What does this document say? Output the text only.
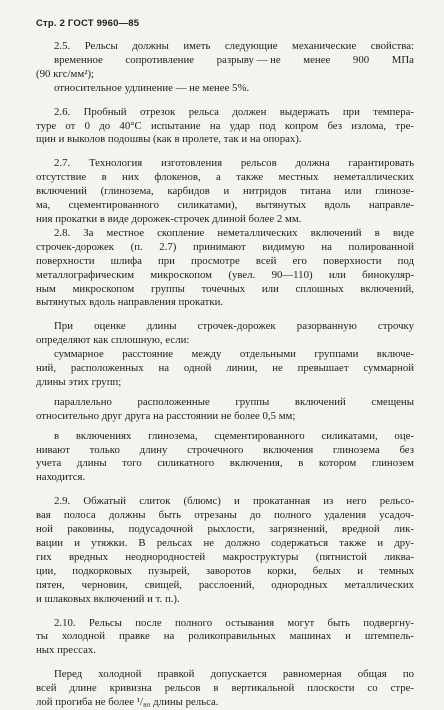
Стр. 2 ГОСТ 9960—85
2.5. Рельсы должны иметь следующие механические свойства:
временное сопротивление разрыву — не менее 900 МПа
(90 кгс/мм²);
относительное удлинение — не менее 5%.
2.6. Пробный отрезок рельса должен выдержать при темпера-
туре от 0 до 40°С испытание на удар под копром без излома, тре-
щин и выколов подошвы (как в пролете, так и на опорах).
2.7. Технология изготовления рельсов должна гарантировать
отсутствие в них флокенов, а также местных неметаллических
включений (глинозема, карбидов и нитридов титана или глинозе-
ма, сцементированного силикатами), вытянутых вдоль направле-
ния прокатки в виде дорожек-строчек длиной более 2 мм.
2.8. За местное скопление неметаллических включений в виде
строчек-дорожек (п. 2.7) принимают видимую на полированной
поверхности шлифа при просмотре всей его поверхности под
металлографическим микроскопом (увел. 90—110) или бинокуляр-
ным микроскопом группы точечных или сплошных включений,
вытянутых вдоль направления прокатки.
При оценке длины строчек-дорожек разорванную строчку
определяют как сплошную, если:
суммарное расстояние между отдельными группами включе-
ний, расположенных на одной линии, не превышает суммарной
длины этих групп;
параллельно расположенные группы включений смещены
относительно друг друга на расстоянии не более 0,5 мм;
в включениях глинозема, сцементированного силикатами, оце-
нивают только длину строчечного включения глинозема без
учета длины того силикатного включения, в котором глинозем
находится.
2.9. Обжатый слиток (блюмс) и прокатанная из него рельсо-
вая полоса должны быть отрезаны до полного удаления усадоч-
ной раковины, подусадочной рыхлости, загрязнений, вредной лик-
вации и утяжки. В рельсах не должно содержаться также и дру-
гих вредных неоднородностей макроструктуры (пятнистой ликва-
ции, подкорковых пузырей, заворотов корки, белых и темных
пятен, черновин, свищей, расслоений, однородных металлических
и шлаковых включений и т. п.).
2.10. Рельсы после полного остывания могут быть подвергну-
ты холодной правке на роликоправильных машинах и штемпель-
ных прессах.
Перед холодной правкой допускается равномерная общая по
всей длине кривизна рельсов в вертикальной плоскости со стре-
лой прогиба не более ¹/₈₀ длины рельса.
